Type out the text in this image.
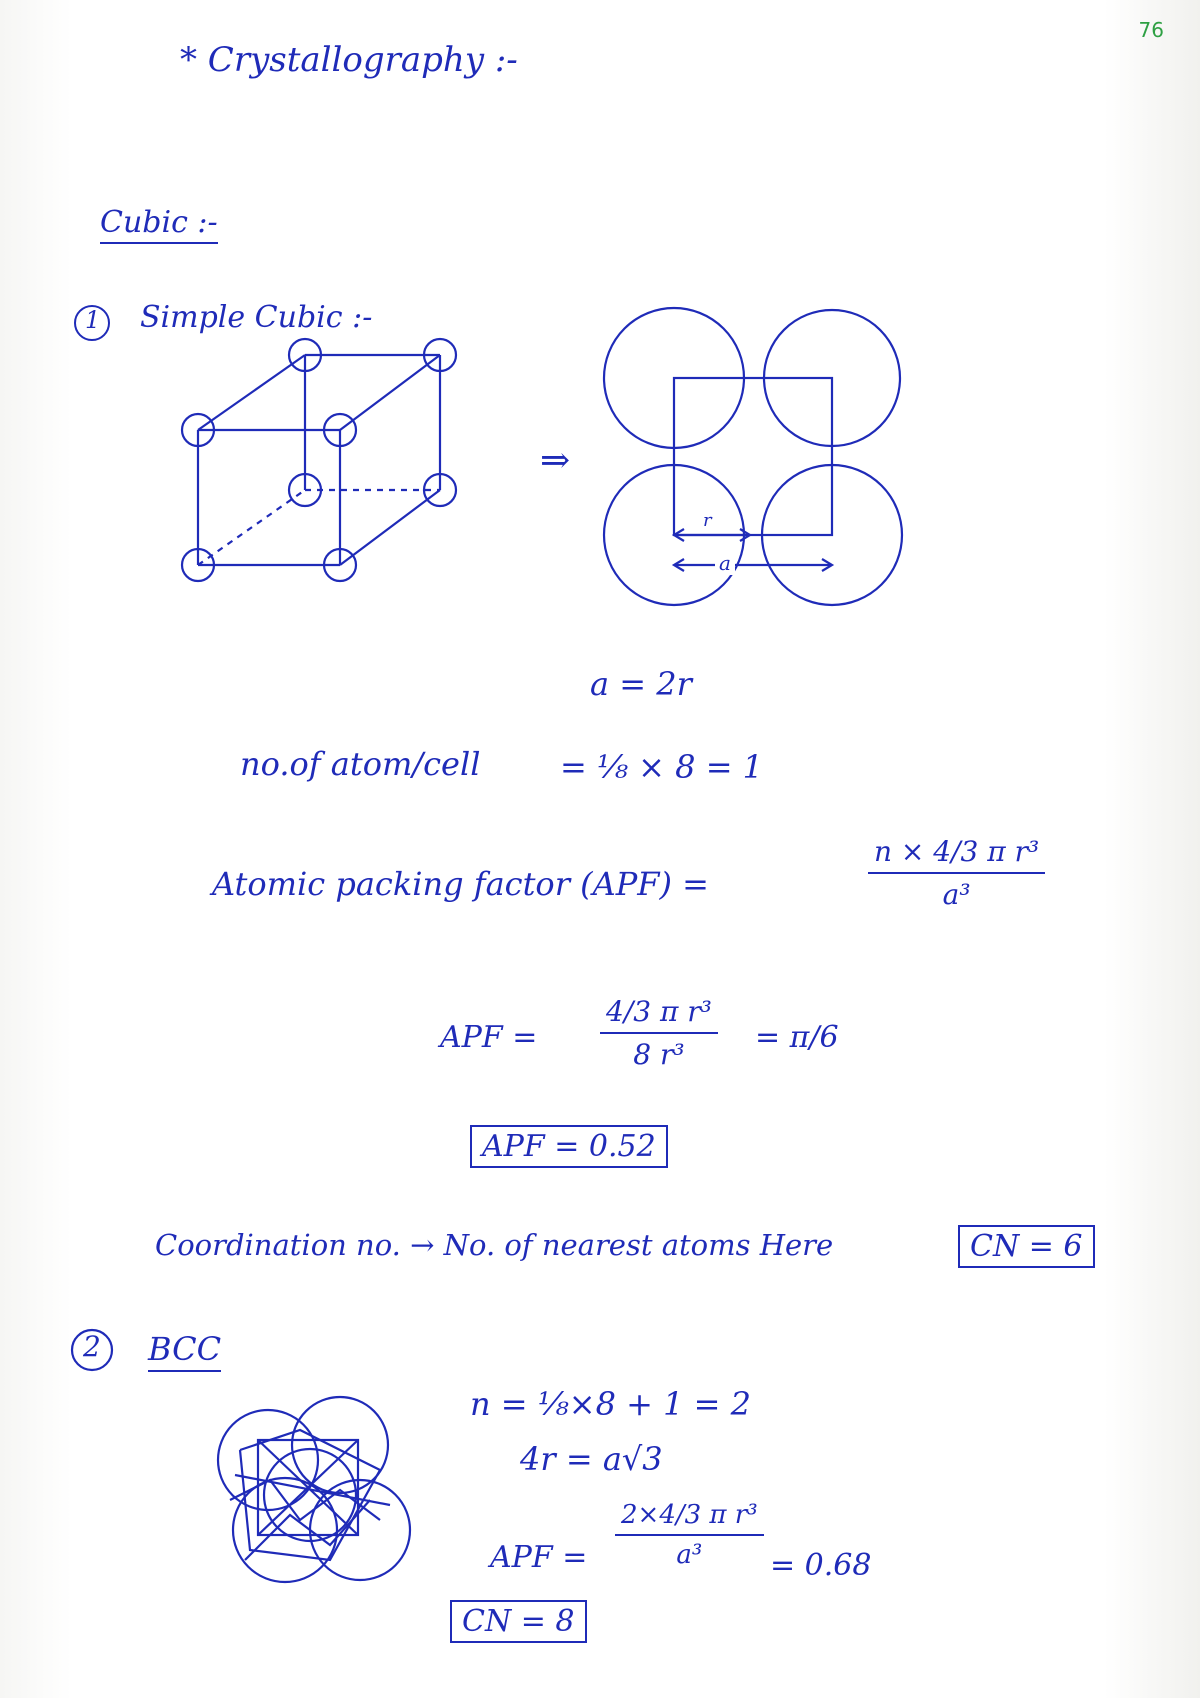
76
* Crystallography :-
Cubic :-
1 Simple Cubic :-
⇒
r
a
a = 2r
no.of atom/cell = ⅛ × 8 = 1
Atomic packing factor (APF) =
n × 4/3 π r³
a³
APF =
4/3 π r³
8 r³ = π/6
APF = 0.52
Coordination no. → No. of nearest atoms Here	CN = 6
2 BCC
n = ⅛×8 + 1 = 2
4r = a√3
APF =
2×4/3 π r³
a³ = 0.68
CN = 8
